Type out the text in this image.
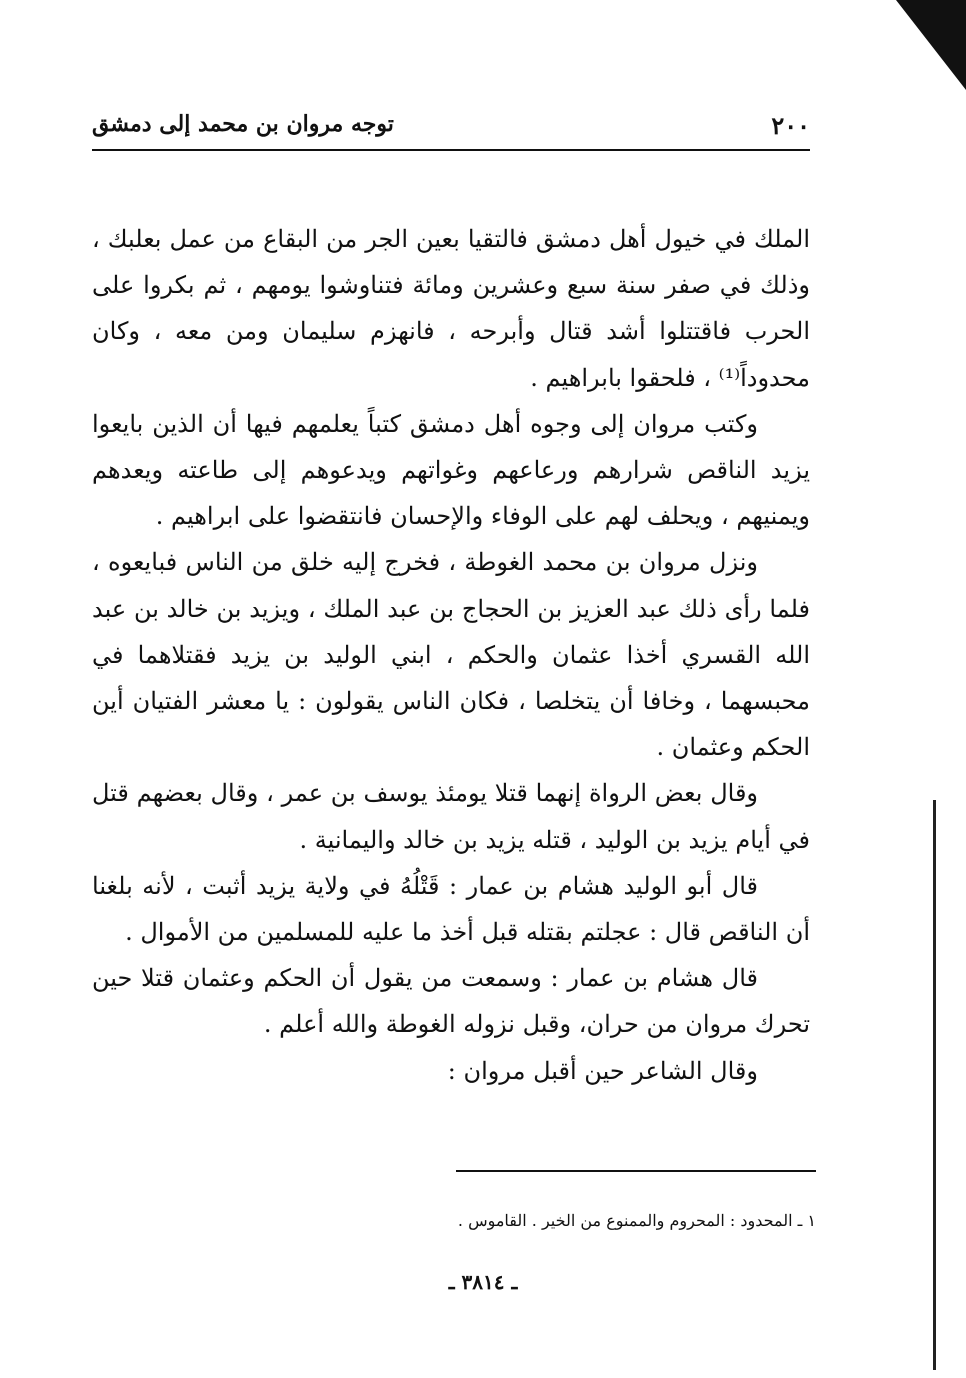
٢٠٠
توجه مروان بن محمد إلى دمشق

الملك في خيول أهل دمشق فالتقيا بعين الجر من البقاع من عمل بعلبك ، وذلك في صفر سنة سبع وعشرين ومائة فتناوشوا يومهم ، ثم بكروا على الحرب فاقتتلوا أشد قتال وأبرحه ، فانهزم سليمان ومن معه ، وكان محدوداً⁽¹⁾ ، فلحقوا بابراهيم .

وكتب مروان إلى وجوه أهل دمشق كتباً يعلمهم فيها أن الذين بايعوا يزيد الناقص شرارهم ورعاعهم وغواتهم ويدعوهم إلى طاعته ويعدهم ويمنيهم ، ويحلف لهم على الوفاء والإحسان فانتقضوا على ابراهيم .

ونزل مروان بن محمد الغوطة ، فخرج إليه خلق من الناس فبايعوه ، فلما رأى ذلك عبد العزيز بن الحجاج بن عبد الملك ، ويزيد بن خالد بن عبد الله القسري أخذا عثمان والحكم ، ابني الوليد بن يزيد فقتلاهما في محبسهما ، وخافا أن يتخلصا ، فكان الناس يقولون : يا معشر الفتيان أين الحكم وعثمان .

وقال بعض الرواة إنهما قتلا يومئذ يوسف بن عمر ، وقال بعضهم قتل في أيام يزيد بن الوليد ، قتله يزيد بن خالد واليمانية .

قال أبو الوليد هشام بن عمار : قَتْلُهُ في ولاية يزيد أثبت ، لأنه بلغنا أن الناقص قال : عجلتم بقتله قبل أخذ ما عليه للمسلمين من الأموال .

قال هشام بن عمار : وسمعت من يقول أن الحكم وعثمان قتلا حين تحرك مروان من حران، وقبل نزوله الغوطة والله أعلم .

وقال الشاعر حين أقبل مروان :

١ ـ المحدود : المحروم والممنوع من الخير . القاموس .
ـ ٣٨١٤ ـ
